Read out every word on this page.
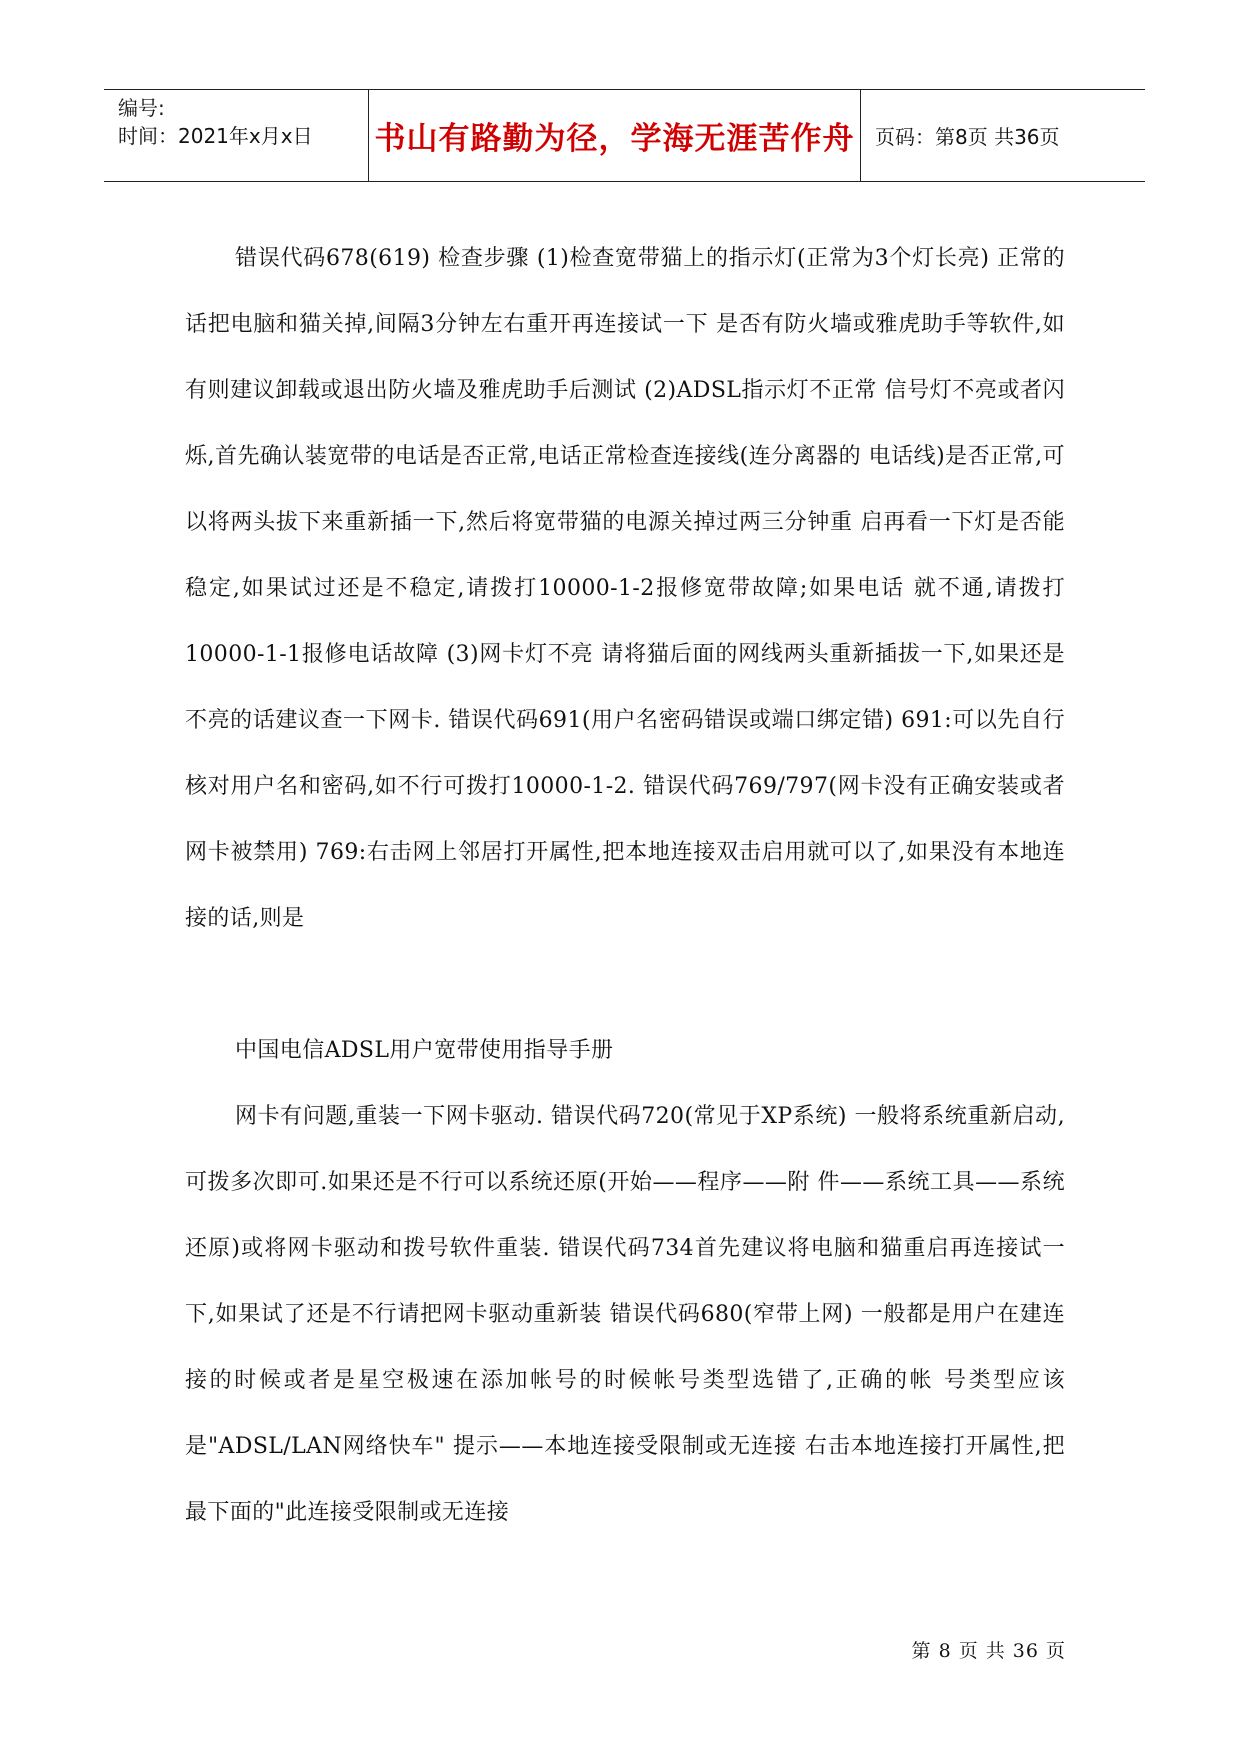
编号:
时间：2021年x月x日	书山有路勤为径，学海无涯苦作舟	页码：第8页 共36页

错误代码678(619) 检查步骤 (1)检查宽带猫上的指示灯(正常为3个灯长亮) 正常的话把电脑和猫关掉,间隔3分钟左右重开再连接试一下 是否有防火墙或雅虎助手等软件,如有则建议卸载或退出防火墙及雅虎助手后测试 (2)ADSL指示灯不正常 信号灯不亮或者闪烁,首先确认装宽带的电话是否正常,电话正常检查连接线(连分离器的 电话线)是否正常,可以将两头拔下来重新插一下,然后将宽带猫的电源关掉过两三分钟重 启再看一下灯是否能稳定,如果试过还是不稳定,请拨打10000-1-2报修宽带故障;如果电话 就不通,请拨打10000-1-1报修电话故障 (3)网卡灯不亮 请将猫后面的网线两头重新插拔一下,如果还是不亮的话建议查一下网卡. 错误代码691(用户名密码错误或端口绑定错) 691:可以先自行核对用户名和密码,如不行可拨打10000-1-2. 错误代码769/797(网卡没有正确安装或者网卡被禁用) 769:右击网上邻居打开属性,把本地连接双击启用就可以了,如果没有本地连接的话,则是

中国电信ADSL用户宽带使用指导手册

网卡有问题,重装一下网卡驱动. 错误代码720(常见于XP系统) 一般将系统重新启动,可拨多次即可.如果还是不行可以系统还原(开始——程序——附 件——系统工具——系统还原)或将网卡驱动和拨号软件重装. 错误代码734首先建议将电脑和猫重启再连接试一下,如果试了还是不行请把网卡驱动重新装 错误代码680(窄带上网) 一般都是用户在建连接的时候或者是星空极速在添加帐号的时候帐号类型选错了,正确的帐 号类型应该是"ADSL/LAN网络快车" 提示——本地连接受限制或无连接 右击本地连接打开属性,把最下面的"此连接受限制或无连接

第 8 页 共 36 页
